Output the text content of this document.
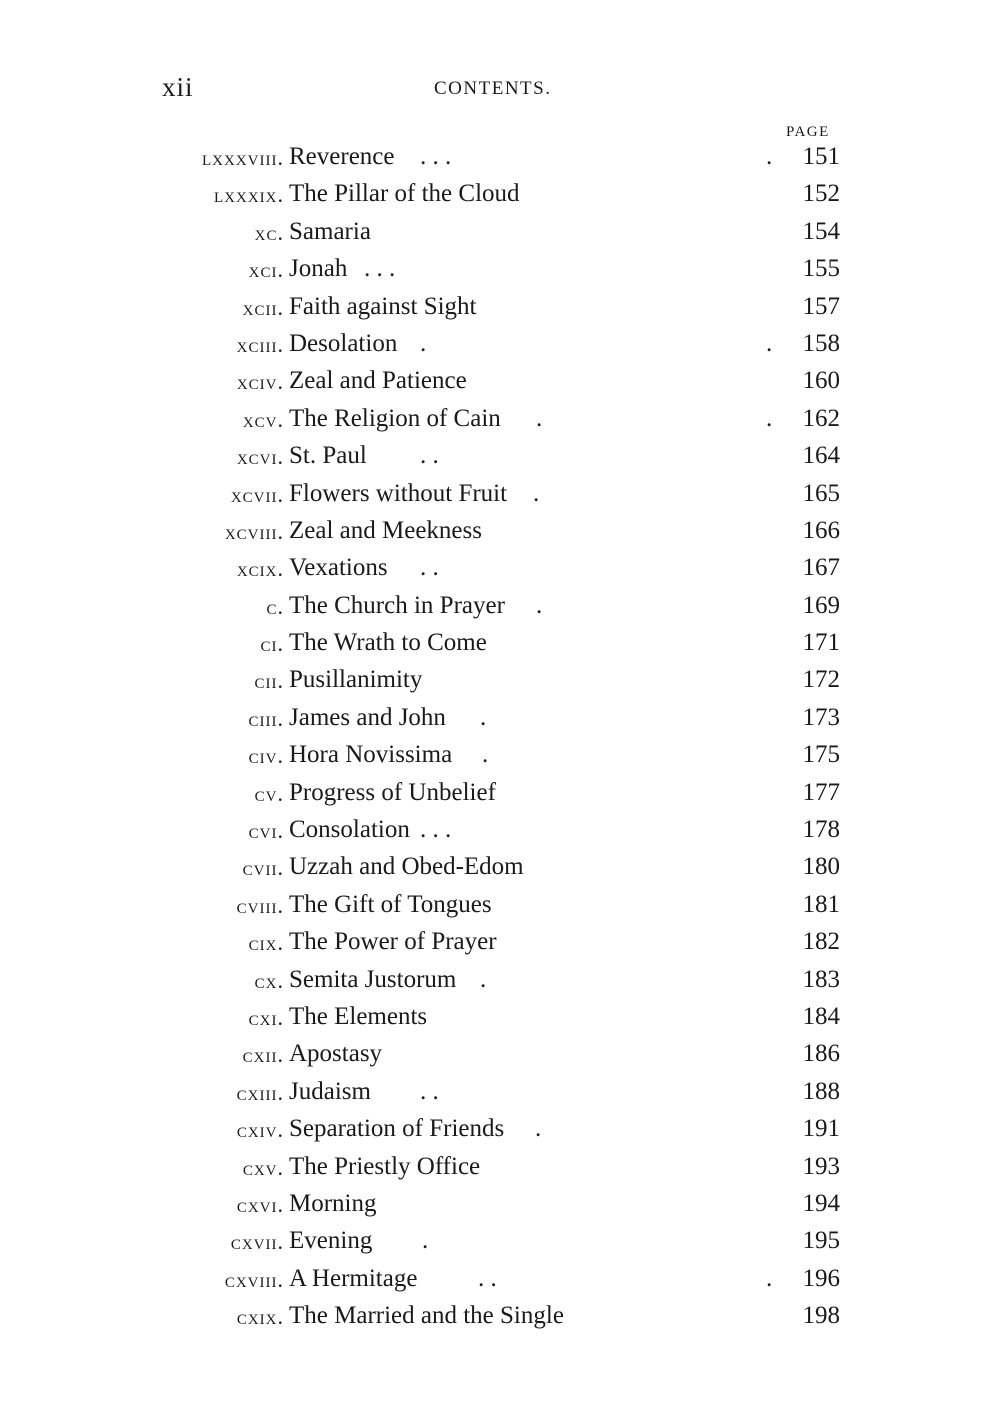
xii	CONTENTS.
PAGE
lxxxviii. Reverence . . .	. 151
lxxxix. The Pillar of the Cloud	152
xc. Samaria	154
xci. Jonah . . .	155
xcii. Faith against Sight	157
xciii. Desolation .	. 158
xciv. Zeal and Patience	160
xcv. The Religion of Cain .	. 162
xcvi. St. Paul . .	164
xcvii. Flowers without Fruit .	165
xcviii. Zeal and Meekness	166
xcix. Vexations . .	167
c. The Church in Prayer .	169
ci. The Wrath to Come	171
cii. Pusillanimity	172
ciii. James and John .	173
civ. Hora Novissima .	175
cv. Progress of Unbelief	177
cvi. Consolation . . .	178
cvii. Uzzah and Obed-Edom	180
cviii. The Gift of Tongues	181
cix. The Power of Prayer	182
cx. Semita Justorum .	183
cxi. The Elements	184
cxii. Apostasy	186
cxiii. Judaism . .	188
cxiv. Separation of Friends .	191
cxv. The Priestly Office	193
cxvi. Morning	194
cxvii. Evening .	195
cxviii. A Hermitage . .	. 196
cxix. The Married and the Single	198
